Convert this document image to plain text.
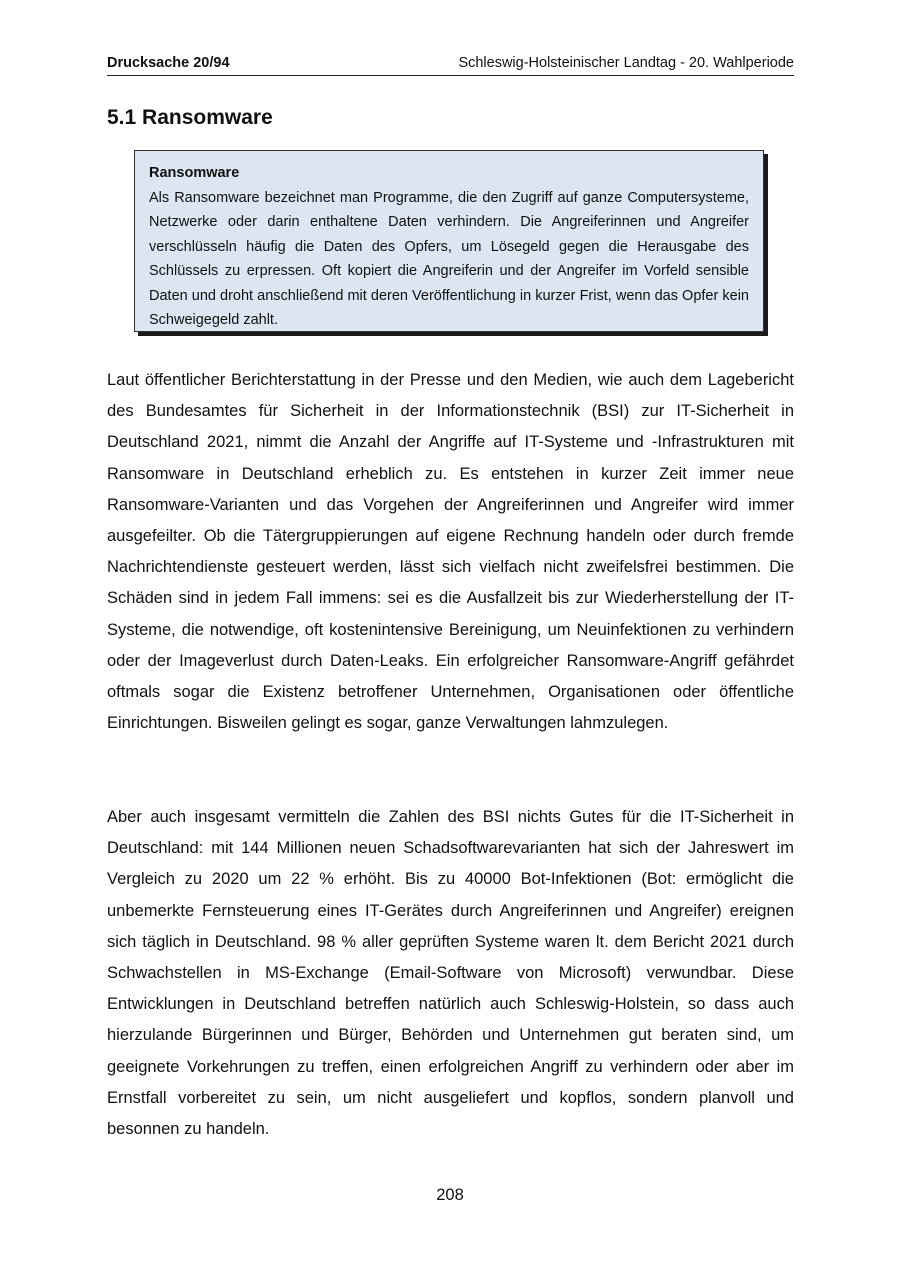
Drucksache 20/94	Schleswig-Holsteinischer Landtag - 20. Wahlperiode
5.1 Ransomware
Ransomware
Als Ransomware bezeichnet man Programme, die den Zugriff auf ganze Computersysteme, Netzwerke oder darin enthaltene Daten verhindern. Die Angreiferinnen und Angreifer verschlüsseln häufig die Daten des Opfers, um Lösegeld gegen die Herausgabe des Schlüssels zu erpressen. Oft kopiert die Angreiferin und der Angreifer im Vorfeld sensible Daten und droht anschließend mit deren Veröffentlichung in kurzer Frist, wenn das Opfer kein Schweigegeld zahlt.

Laut öffentlicher Berichterstattung in der Presse und den Medien, wie auch dem Lagebericht des Bundesamtes für Sicherheit in der Informationstechnik (BSI) zur IT-Sicherheit in Deutschland 2021, nimmt die Anzahl der Angriffe auf IT-Systeme und -Infrastrukturen mit Ransomware in Deutschland erheblich zu. Es entstehen in kurzer Zeit immer neue Ransomware-Varianten und das Vorgehen der Angreiferinnen und Angreifer wird immer ausgefeilter. Ob die Tätergruppierungen auf eigene Rechnung handeln oder durch fremde Nachrichtendienste gesteuert werden, lässt sich vielfach nicht zweifelsfrei bestimmen. Die Schäden sind in jedem Fall immens: sei es die Ausfallzeit bis zur Wiederherstellung der IT-Systeme, die notwendige, oft kostenintensive Bereinigung, um Neuinfektionen zu verhindern oder der Imageverlust durch Daten-Leaks. Ein erfolgreicher Ransomware-Angriff gefährdet oftmals sogar die Existenz betroffener Unternehmen, Organisationen oder öffentliche Einrichtungen. Bisweilen gelingt es sogar, ganze Verwaltungen lahmzulegen.

Aber auch insgesamt vermitteln die Zahlen des BSI nichts Gutes für die IT-Sicherheit in Deutschland: mit 144 Millionen neuen Schadsoftwarevarianten hat sich der Jahreswert im Vergleich zu 2020 um 22 % erhöht. Bis zu 40000 Bot-Infektionen (Bot: ermöglicht die unbemerkte Fernsteuerung eines IT-Gerätes durch Angreiferinnen und Angreifer) ereignen sich täglich in Deutschland. 98 % aller geprüften Systeme waren lt. dem Bericht 2021 durch Schwachstellen in MS-Exchange (Email-Software von Microsoft) verwundbar. Diese Entwicklungen in Deutschland betreffen natürlich auch Schleswig-Holstein, so dass auch hierzulande Bürgerinnen und Bürger, Behörden und Unternehmen gut beraten sind, um geeignete Vorkehrungen zu treffen, einen erfolgreichen Angriff zu verhindern oder aber im Ernstfall vorbereitet zu sein, um nicht ausgeliefert und kopflos, sondern planvoll und besonnen zu handeln.

208
